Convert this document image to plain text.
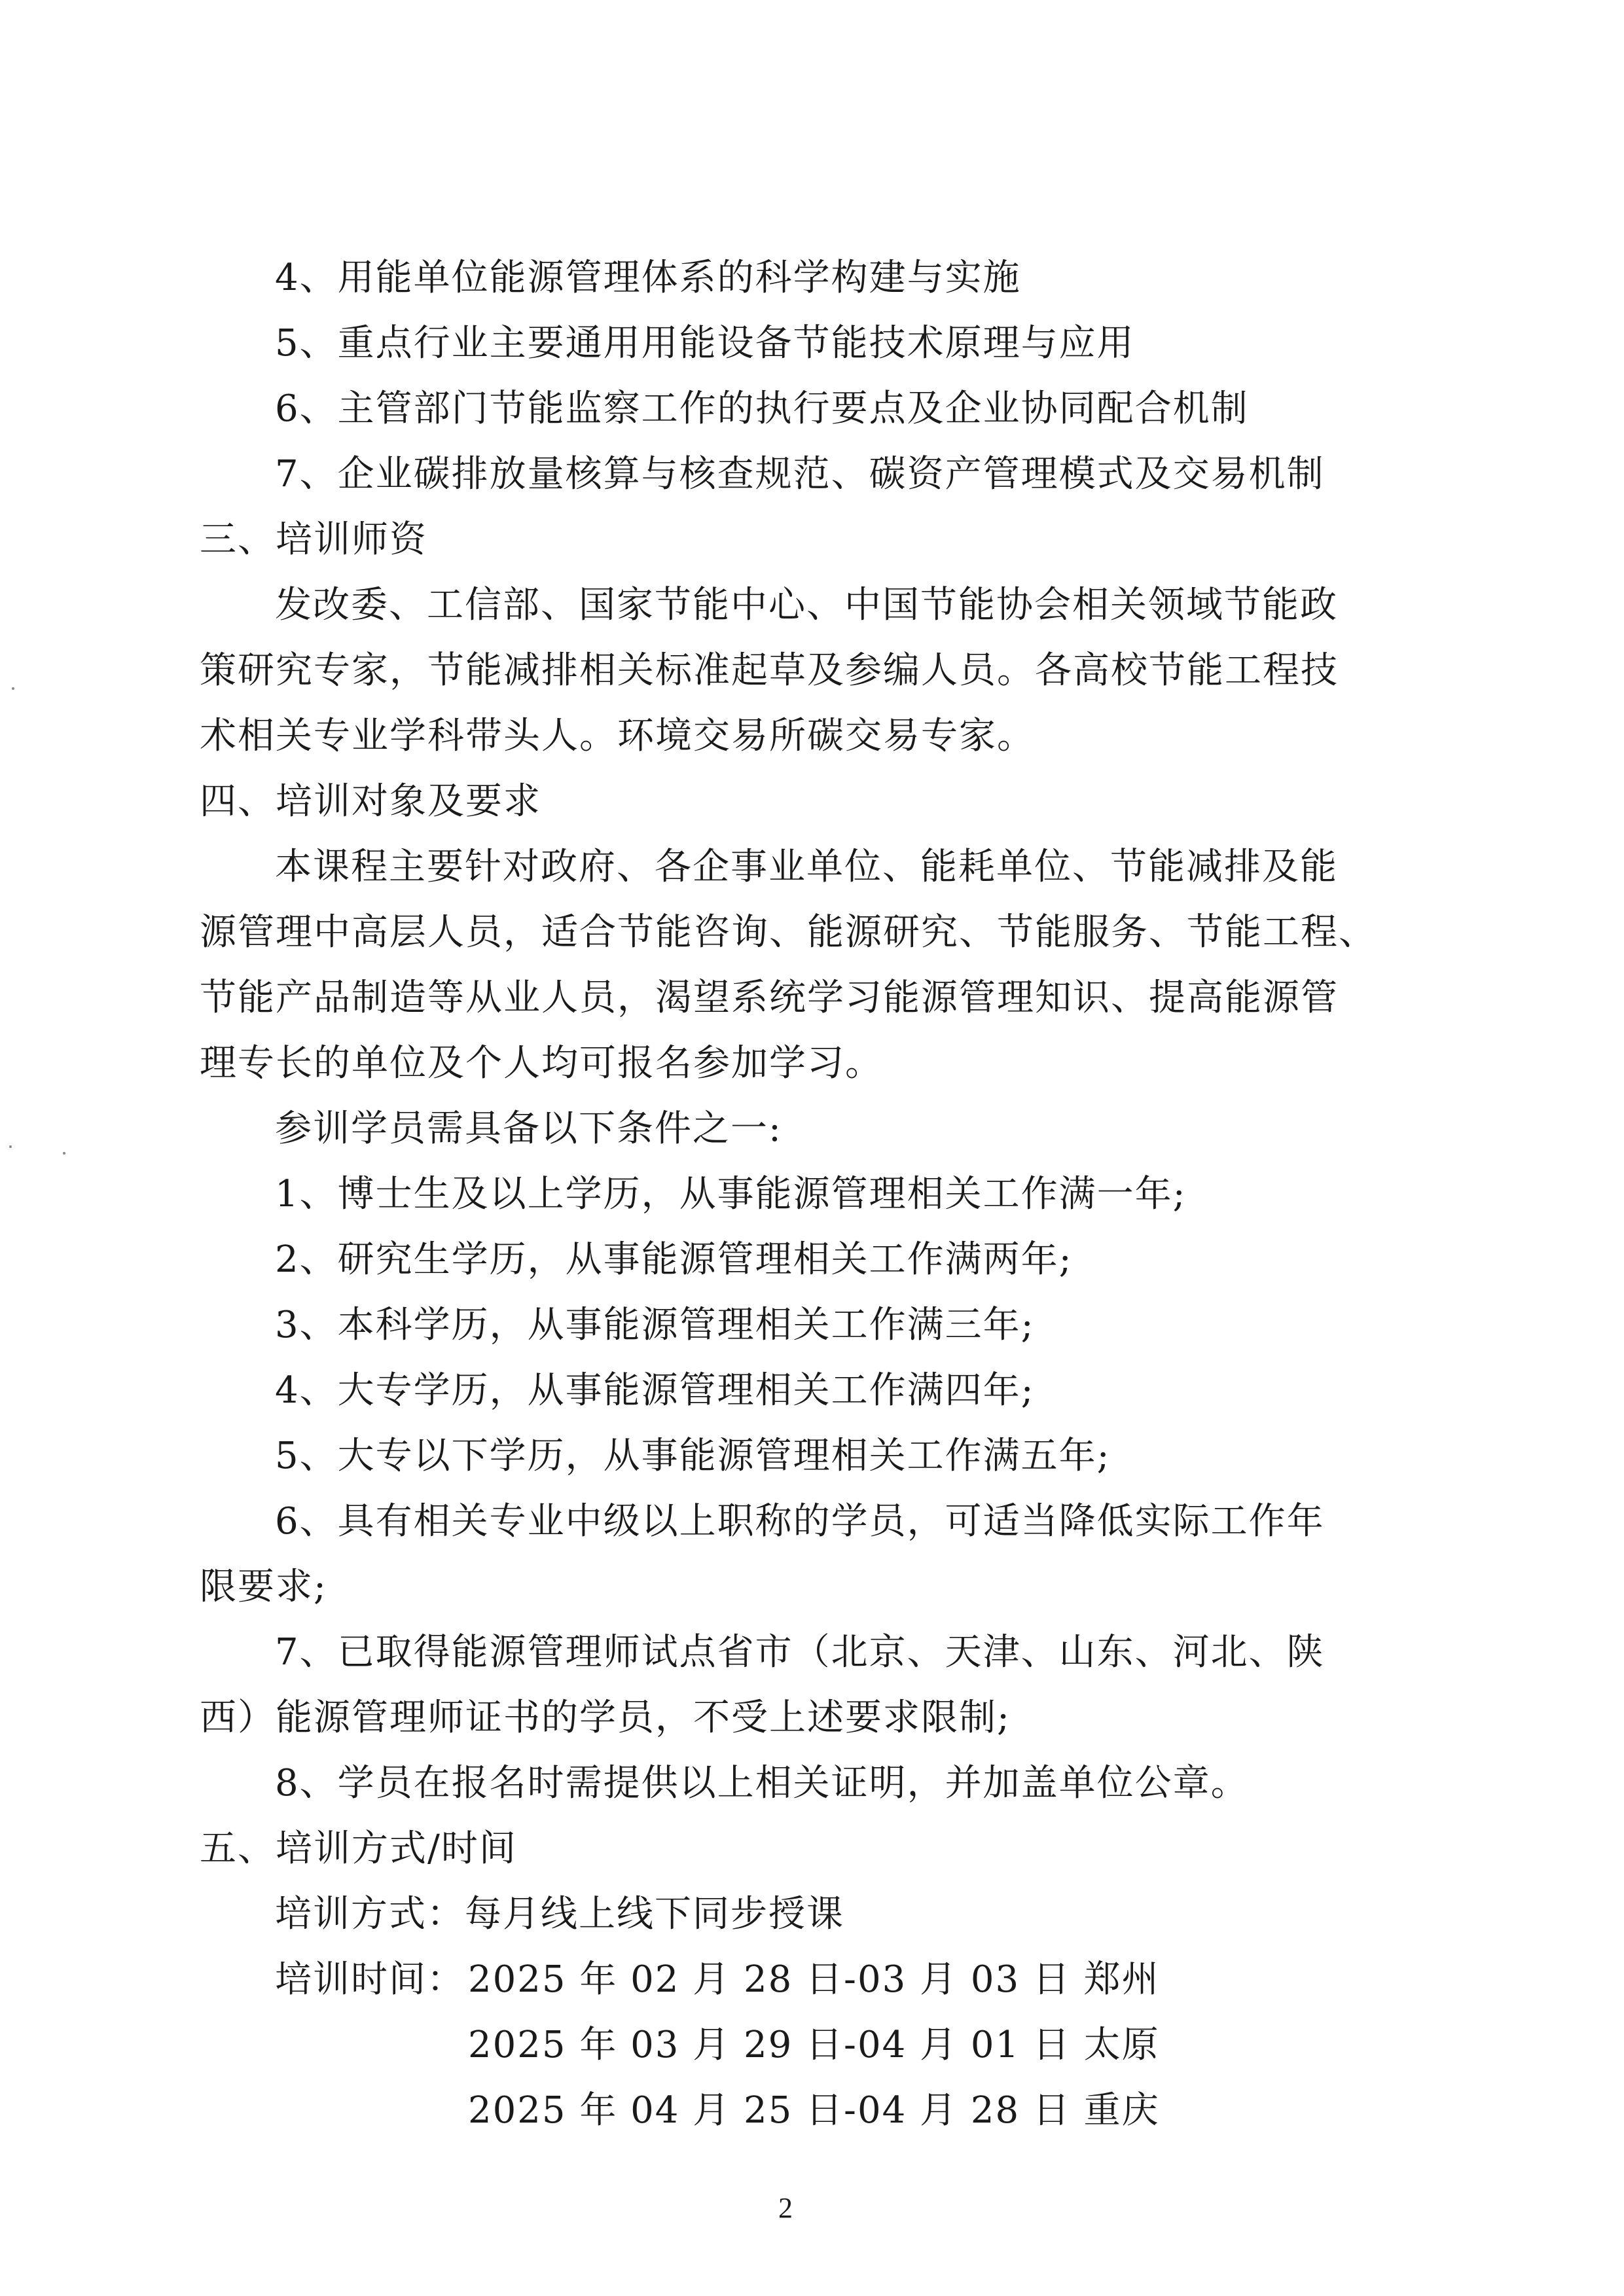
4、用能单位能源管理体系的科学构建与实施
5、重点行业主要通用用能设备节能技术原理与应用
6、主管部门节能监察工作的执行要点及企业协同配合机制
7、企业碳排放量核算与核查规范、碳资产管理模式及交易机制
三、培训师资
发改委、工信部、国家节能中心、中国节能协会相关领域节能政
策研究专家，节能减排相关标准起草及参编人员。各高校节能工程技
术相关专业学科带头人。环境交易所碳交易专家。
四、培训对象及要求
本课程主要针对政府、各企事业单位、能耗单位、节能减排及能
源管理中高层人员，适合节能咨询、能源研究、节能服务、节能工程、
节能产品制造等从业人员，渴望系统学习能源管理知识、提高能源管
理专长的单位及个人均可报名参加学习。
参训学员需具备以下条件之一:
1、博士生及以上学历，从事能源管理相关工作满一年;
2、研究生学历，从事能源管理相关工作满两年;
3、本科学历，从事能源管理相关工作满三年;
4、大专学历，从事能源管理相关工作满四年;
5、大专以下学历，从事能源管理相关工作满五年;
6、具有相关专业中级以上职称的学员，可适当降低实际工作年
限要求;
7、已取得能源管理师试点省市（北京、天津、山东、河北、陕
西）能源管理师证书的学员，不受上述要求限制;
8、学员在报名时需提供以上相关证明，并加盖单位公章。
五、培训方式/时间
培训方式：每月线上线下同步授课
培训时间： 2025 年 02 月 28 日-03 月 03 日 郑州
2025 年 03 月 29 日-04 月 01 日 太原
2025 年 04 月 25 日-04 月 28 日 重庆
2
